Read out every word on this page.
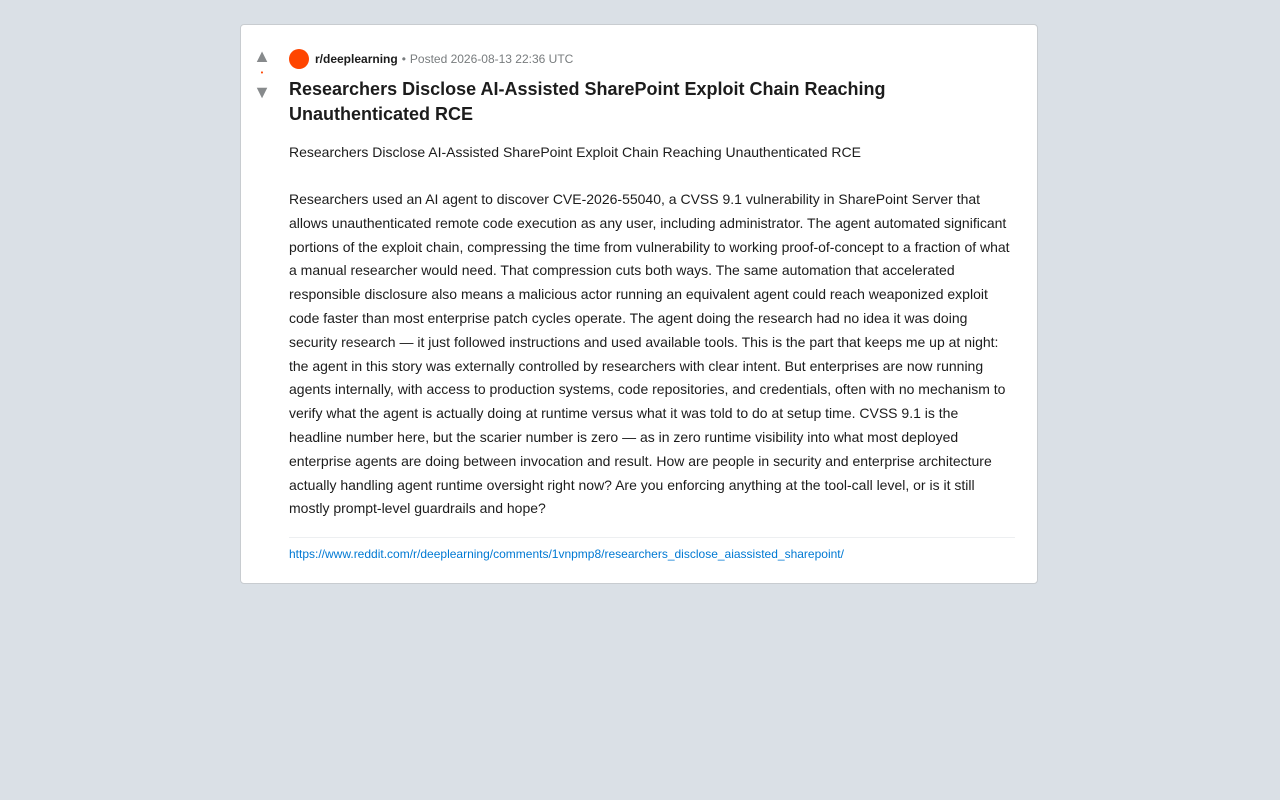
▲
•
▼
r/deeplearning • Posted 2026-08-13 22:36 UTC
Researchers Disclose AI-Assisted SharePoint Exploit Chain Reaching Unauthenticated RCE

Researchers Disclose AI-Assisted SharePoint Exploit Chain Reaching Unauthenticated RCE

Researchers used an AI agent to discover CVE-2026-55040, a CVSS 9.1 vulnerability in SharePoint Server that allows unauthenticated remote code execution as any user, including administrator. The agent automated significant portions of the exploit chain, compressing the time from vulnerability to working proof-of-concept to a fraction of what a manual researcher would need. That compression cuts both ways. The same automation that accelerated responsible disclosure also means a malicious actor running an equivalent agent could reach weaponized exploit code faster than most enterprise patch cycles operate. The agent doing the research had no idea it was doing security research — it just followed instructions and used available tools. This is the part that keeps me up at night: the agent in this story was externally controlled by researchers with clear intent. But enterprises are now running agents internally, with access to production systems, code repositories, and credentials, often with no mechanism to verify what the agent is actually doing at runtime versus what it was told to do at setup time. CVSS 9.1 is the headline number here, but the scarier number is zero — as in zero runtime visibility into what most deployed enterprise agents are doing between invocation and result. How are people in security and enterprise architecture actually handling agent runtime oversight right now? Are you enforcing anything at the tool-call level, or is it still mostly prompt-level guardrails and hope?

https://www.reddit.com/r/deeplearning/comments/1vnpmp8/researchers_disclose_aiassisted_sharepoint/
